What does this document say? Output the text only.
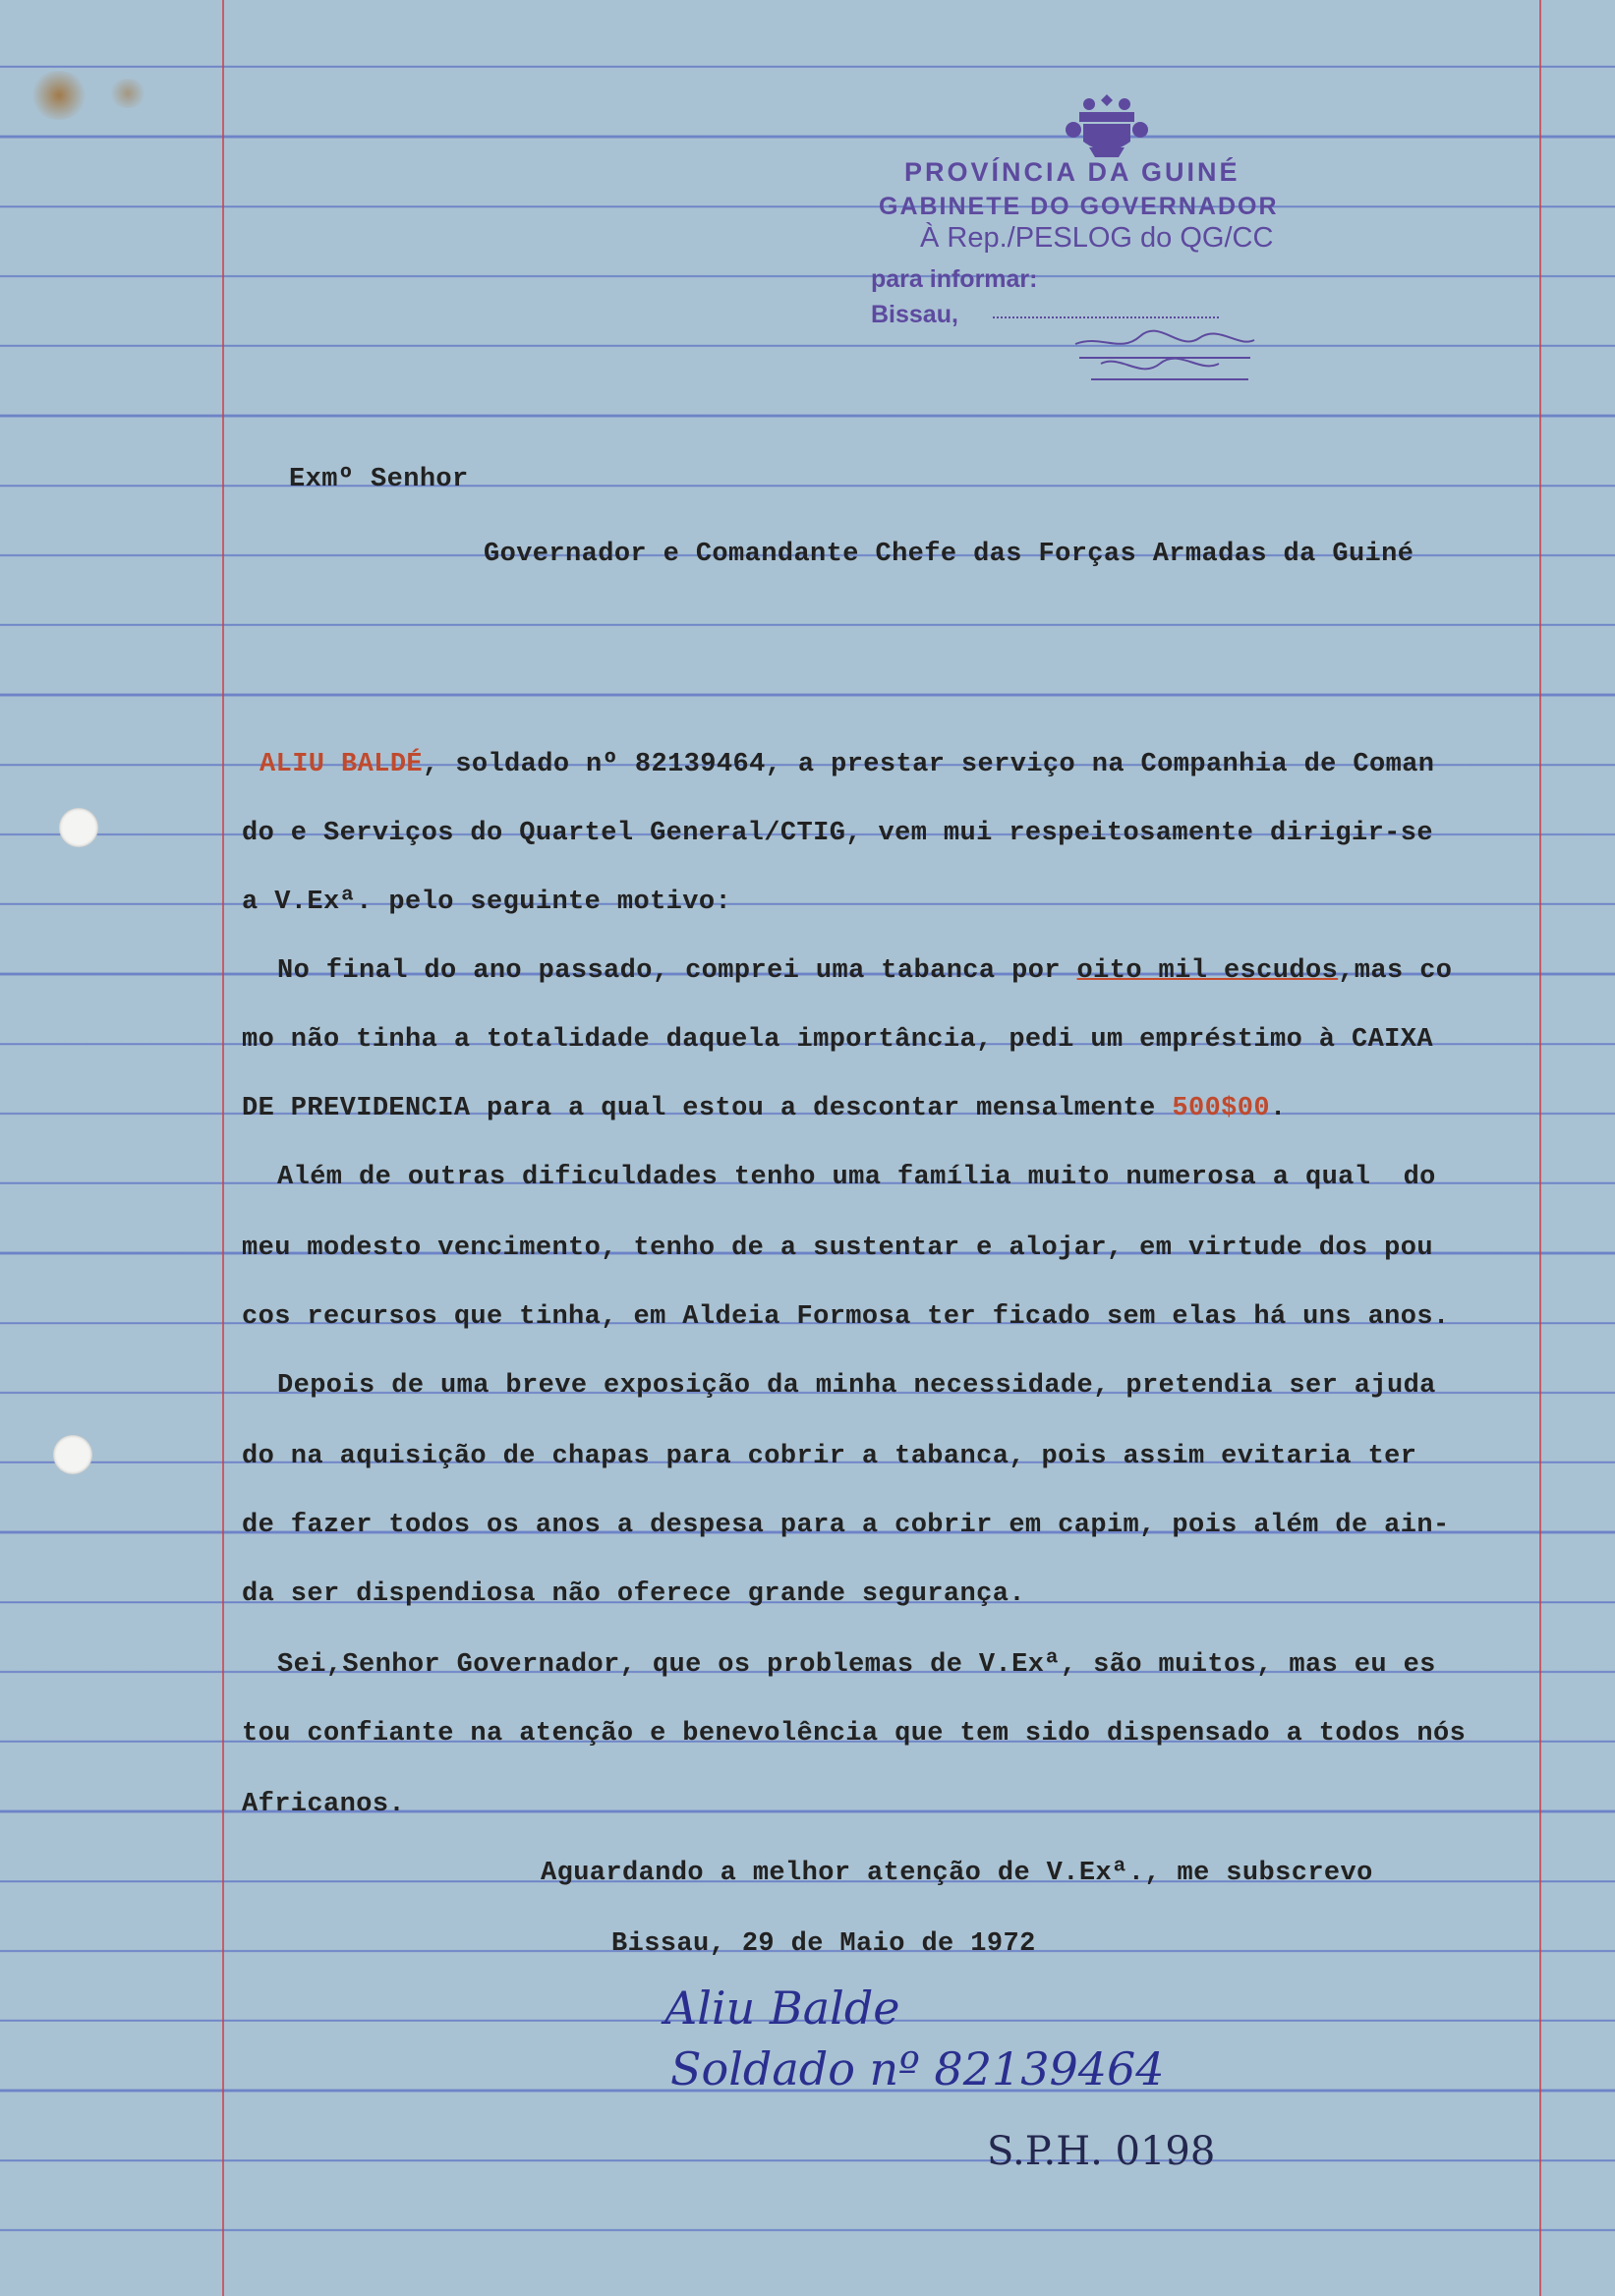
PROVÍNCIA DA GUINÉ
GABINETE DO GOVERNADOR
À Rep./PESLOG do QG/CC
para informar:
Bissau,
Exmº Senhor
Governador e Comandante Chefe das Forças Armadas da Guiné
ALIU BALDÉ, soldado nº 82139464, a prestar serviço na Companhia de Coman
do e Serviços do Quartel General/CTIG, vem mui respeitosamente dirigir-se
a V.Exª. pelo seguinte motivo:
No final do ano passado, comprei uma tabanca por oito mil escudos,mas co
mo não tinha a totalidade daquela importância, pedi um empréstimo à CAIXA
DE PREVIDENCIA para a qual estou a descontar mensalmente 500$00.
Além de outras dificuldades tenho uma família muito numerosa a qual  do
meu modesto vencimento, tenho de a sustentar e alojar, em virtude dos pou
cos recursos que tinha, em Aldeia Formosa ter ficado sem elas há uns anos.
Depois de uma breve exposição da minha necessidade, pretendia ser ajuda
do na aquisição de chapas para cobrir a tabanca, pois assim evitaria ter
de fazer todos os anos a despesa para a cobrir em capim, pois além de ain-
da ser dispendiosa não oferece grande segurança.
Sei,Senhor Governador, que os problemas de V.Exª, são muitos, mas eu es
tou confiante na atenção e benevolência que tem sido dispensado a todos nós
Africanos.
Aguardando a melhor atenção de V.Exª., me subscrevo
Bissau, 29 de Maio de 1972
Aliu Balde
Soldado nº 82139464
S.P.H. 0198
